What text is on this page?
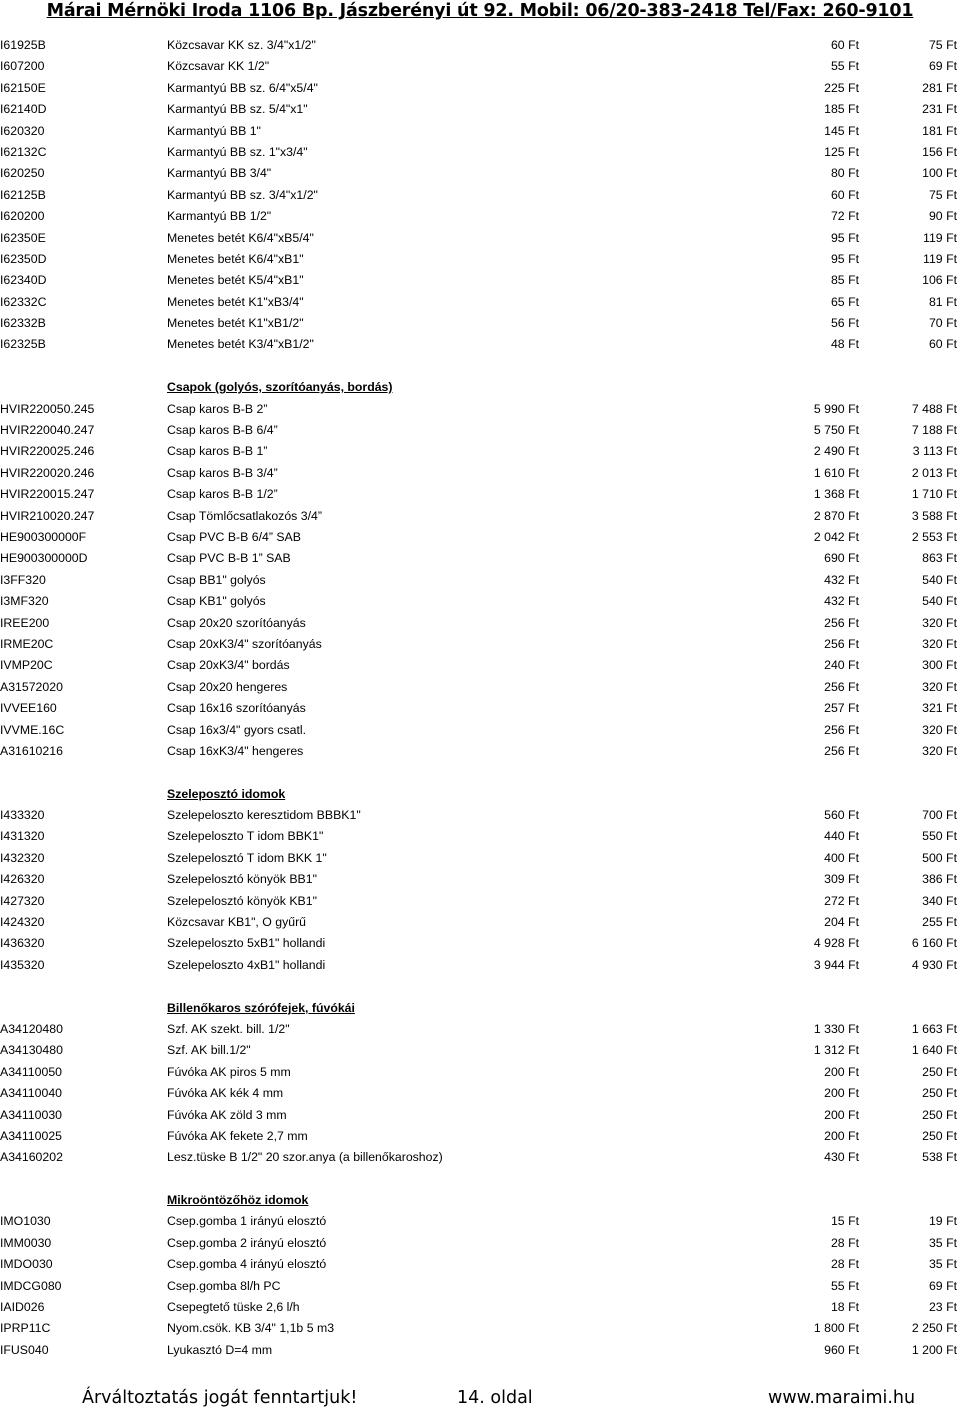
Márai Mérnöki Iroda 1106 Bp. Jászberényi út 92. Mobil: 06/20-383-2418 Tel/Fax: 260-9101
I61925B	Közcsavar KK sz. 3/4"x1/2"	60 Ft	75 Ft
I607200	Közcsavar KK 1/2"	55 Ft	69 Ft
I62150E	Karmantyú BB sz. 6/4"x5/4"	225 Ft	281 Ft
I62140D	Karmantyú BB sz. 5/4"x1"	185 Ft	231 Ft
I620320	Karmantyú BB 1"	145 Ft	181 Ft
I62132C	Karmantyú BB sz. 1"x3/4"	125 Ft	156 Ft
I620250	Karmantyú BB 3/4"	80 Ft	100 Ft
I62125B	Karmantyú BB sz. 3/4"x1/2"	60 Ft	75 Ft
I620200	Karmantyú BB 1/2"	72 Ft	90 Ft
I62350E	Menetes betét K6/4"xB5/4"	95 Ft	119 Ft
I62350D	Menetes betét K6/4"xB1"	95 Ft	119 Ft
I62340D	Menetes betét K5/4"xB1"	85 Ft	106 Ft
I62332C	Menetes betét K1"xB3/4"	65 Ft	81 Ft
I62332B	Menetes betét K1"xB1/2"	56 Ft	70 Ft
I62325B	Menetes betét K3/4"xB1/2"	48 Ft	60 Ft
Csapok (golyós, szorítóanyás, bordás)
HVIR220050.245	Csap karos B-B 2”	5 990 Ft	7 488 Ft
HVIR220040.247	Csap karos B-B 6/4”	5 750 Ft	7 188 Ft
HVIR220025.246	Csap karos B-B 1”	2 490 Ft	3 113 Ft
HVIR220020.246	Csap karos B-B 3/4”	1 610 Ft	2 013 Ft
HVIR220015.247	Csap karos B-B 1/2”	1 368 Ft	1 710 Ft
HVIR210020.247	Csap Tömlőcsatlakozós 3/4”	2 870 Ft	3 588 Ft
HE900300000F	Csap PVC B-B 6/4” SAB	2 042 Ft	2 553 Ft
HE900300000D	Csap PVC B-B 1” SAB	690 Ft	863 Ft
I3FF320	Csap BB1" golyós	432 Ft	540 Ft
I3MF320	Csap KB1" golyós	432 Ft	540 Ft
IREE200	Csap 20x20 szorítóanyás	256 Ft	320 Ft
IRME20C	Csap 20xK3/4" szorítóanyás	256 Ft	320 Ft
IVMP20C	Csap 20xK3/4" bordás	240 Ft	300 Ft
A31572020	Csap 20x20 hengeres	256 Ft	320 Ft
IVVEE160	Csap 16x16 szorítóanyás	257 Ft	321 Ft
IVVME.16C	Csap 16x3/4" gyors csatl.	256 Ft	320 Ft
A31610216	Csap 16xK3/4" hengeres	256 Ft	320 Ft
Szeleposztó idomok
I433320	Szelepeloszto keresztidom BBBK1"	560 Ft	700 Ft
I431320	Szelepeloszto T idom BBK1"	440 Ft	550 Ft
I432320	Szelepelosztó T idom BKK 1"	400 Ft	500 Ft
I426320	Szelepelosztó könyök BB1"	309 Ft	386 Ft
I427320	Szelepelosztó könyök KB1"	272 Ft	340 Ft
I424320	Közcsavar KB1", O gyűrű	204 Ft	255 Ft
I436320	Szelepeloszto 5xB1" hollandi	4 928 Ft	6 160 Ft
I435320	Szelepeloszto 4xB1" hollandi	3 944 Ft	4 930 Ft
Billenőkaros szórófejek, fúvókái
A34120480	Szf. AK szekt. bill. 1/2"	1 330 Ft	1 663 Ft
A34130480	Szf. AK bill.1/2"	1 312 Ft	1 640 Ft
A34110050	Fúvóka AK piros 5 mm	200 Ft	250 Ft
A34110040	Fúvóka AK kék 4 mm	200 Ft	250 Ft
A34110030	Fúvóka AK zöld 3 mm	200 Ft	250 Ft
A34110025	Fúvóka AK fekete 2,7 mm	200 Ft	250 Ft
A34160202	Lesz.tüske B 1/2" 20 szor.anya (a billenőkaroshoz)	430 Ft	538 Ft
Mikroöntözőhöz idomok
IMO1030	Csep.gomba 1 irányú elosztó	15 Ft	19 Ft
IMM0030	Csep.gomba 2 irányú elosztó	28 Ft	35 Ft
IMDO030	Csep.gomba 4 irányú elosztó	28 Ft	35 Ft
IMDCG080	Csep.gomba 8l/h PC	55 Ft	69 Ft
IAID026	Csepegtető tüske 2,6 l/h	18 Ft	23 Ft
IPRP11C	Nyom.csök. KB 3/4" 1,1b 5 m3	1 800 Ft	2 250 Ft
IFUS040	Lyukasztó D=4 mm	960 Ft	1 200 Ft
Árváltoztatás jogát fenntartjuk!	14. oldal	www.maraimi.hu
